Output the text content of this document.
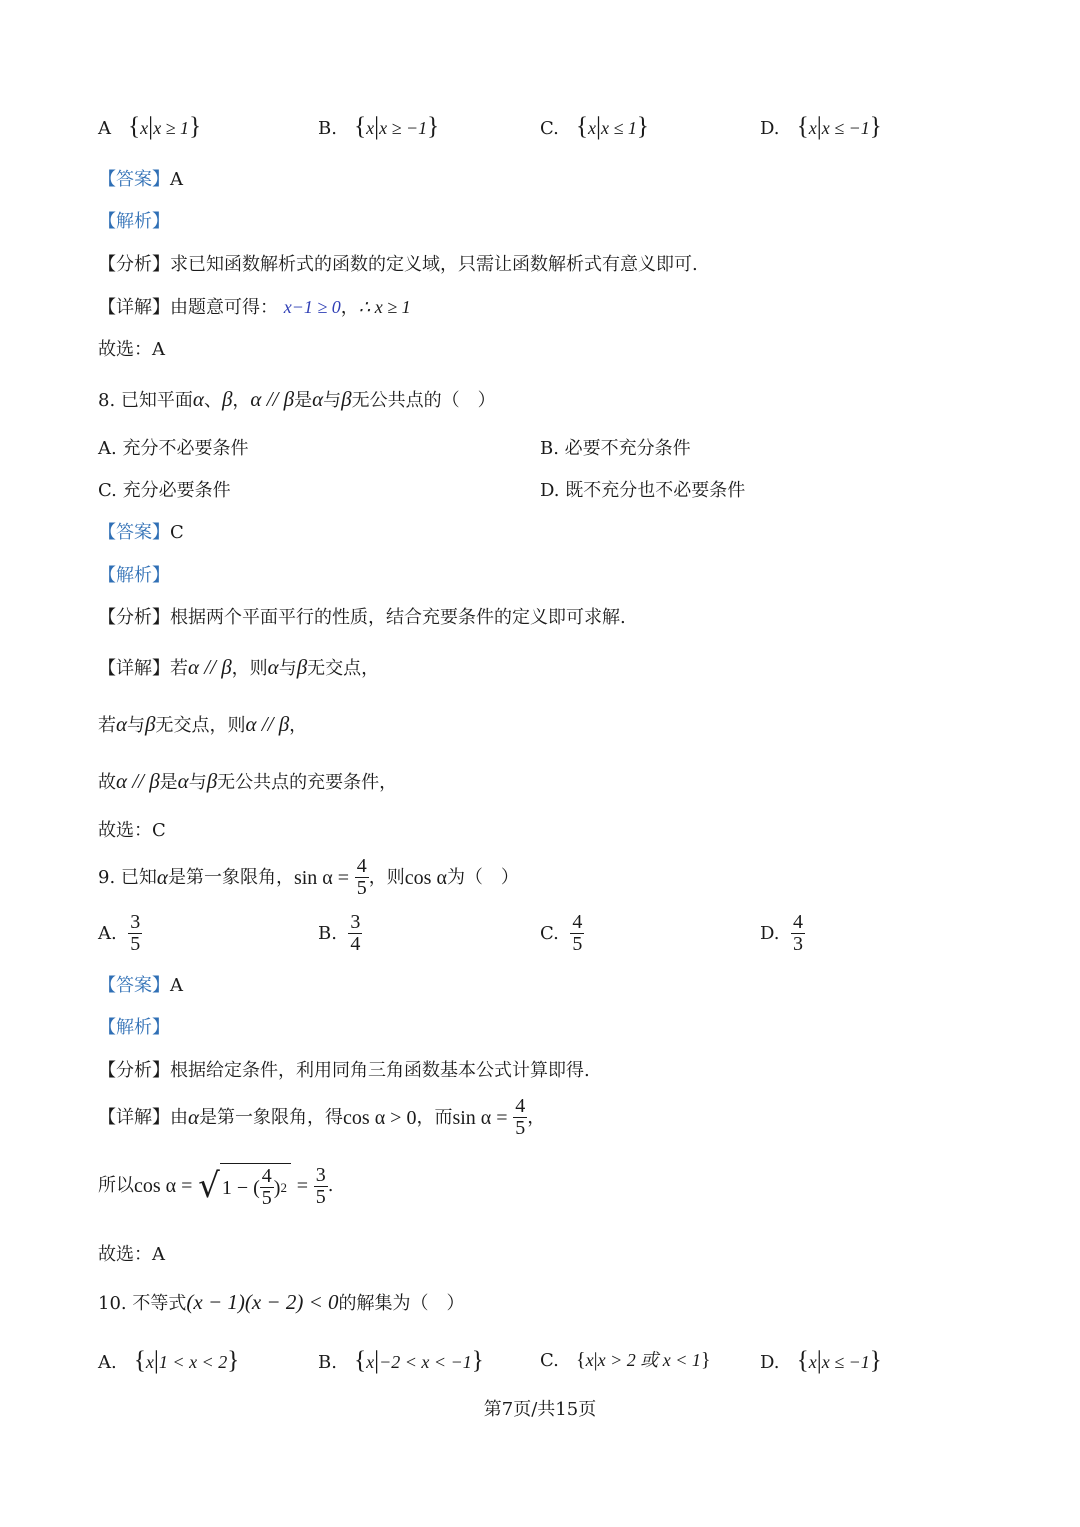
A {x|x ≥ 1}	B. {x|x ≥ −1}	C. {x|x ≤ 1}	D. {x|x ≤ −1}
【答案】A
【解析】
【分析】求已知函数解析式的函数的定义域，只需让函数解析式有意义即可.
【详解】由题意可得： x−1 ≥ 0，∴ x ≥ 1
故选：A
8. 已知平面α、β，α // β是α与β无公共点的（　）
A. 充分不必要条件	B. 必要不充分条件
C. 充分必要条件	D. 既不充分也不必要条件
【答案】C
【解析】
【分析】根据两个平面平行的性质，结合充要条件的定义即可求解.
【详解】若α // β，则α与β无交点，
若α与β无交点，则α // β，
故α // β是α与β无公共点的充要条件，
故选：C
9.
已知 α 是第一象限角， sin α =
$\frac{4}{5}$ ，则 cos α 为（　）
A.
$\frac{3}{5}$	B.
$\frac{3}{4}$	C.
$\frac{4}{5}$	D.
$\frac{4}{3}$
【答案】A
【解析】
【分析】根据给定条件，利用同角三角函数基本公式计算即得.
【详解】 由 α 是第一象限角，得 cos α > 0 ，而 sin α =
$\frac{4}{5}$ ，
所以 cos α =
√ 1 − ( $\frac{4}{5}$ ) 2
=
$\frac{3}{5}$ .
故选：A
10. 不等式(x − 1)(x − 2) < 0的解集为（　）
A. {x|1 < x < 2}	B. {x|−2 < x < −1}	C. {x|x > 2 或 x < 1}	D. {x|x ≤ −1}
第7页/共15页
